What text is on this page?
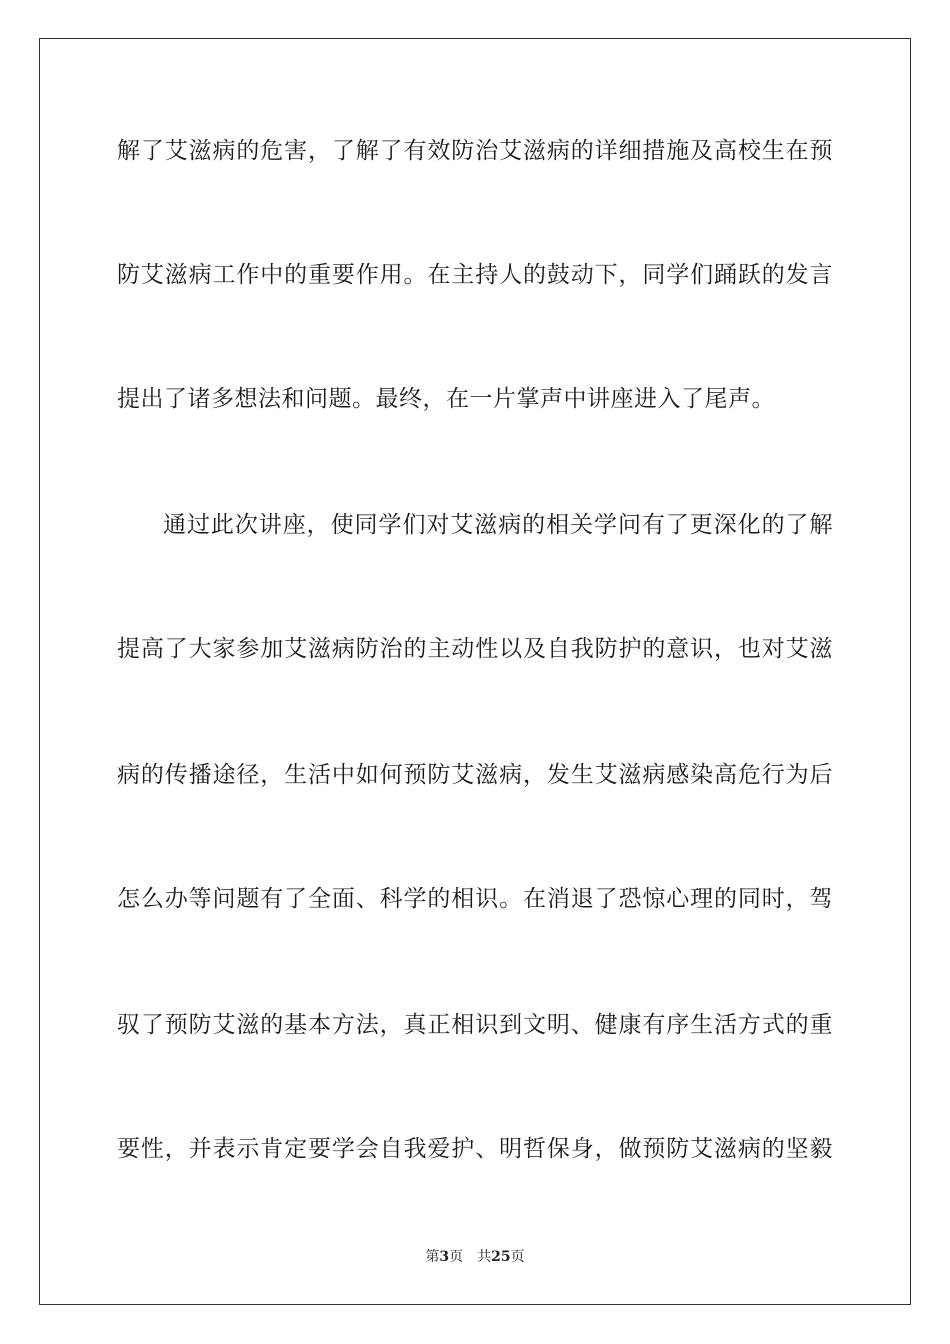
解了艾滋病的危害，了解了有效防治艾滋病的详细措施及高校生在预
防艾滋病工作中的重要作用。在主持人的鼓动下，同学们踊跃的发言
提出了诸多想法和问题。最终，在一片掌声中讲座进入了尾声。
通过此次讲座，使同学们对艾滋病的相关学问有了更深化的了解
提高了大家参加艾滋病防治的主动性以及自我防护的意识，也对艾滋
病的传播途径，生活中如何预防艾滋病，发生艾滋病感染高危行为后
怎么办等问题有了全面、科学的相识。在消退了恐惊心理的同时，驾
驭了预防艾滋的基本方法，真正相识到文明、健康有序生活方式的重
要性，并表示肯定要学会自我爱护、明哲保身，做预防艾滋病的坚毅
第3页 共25页
